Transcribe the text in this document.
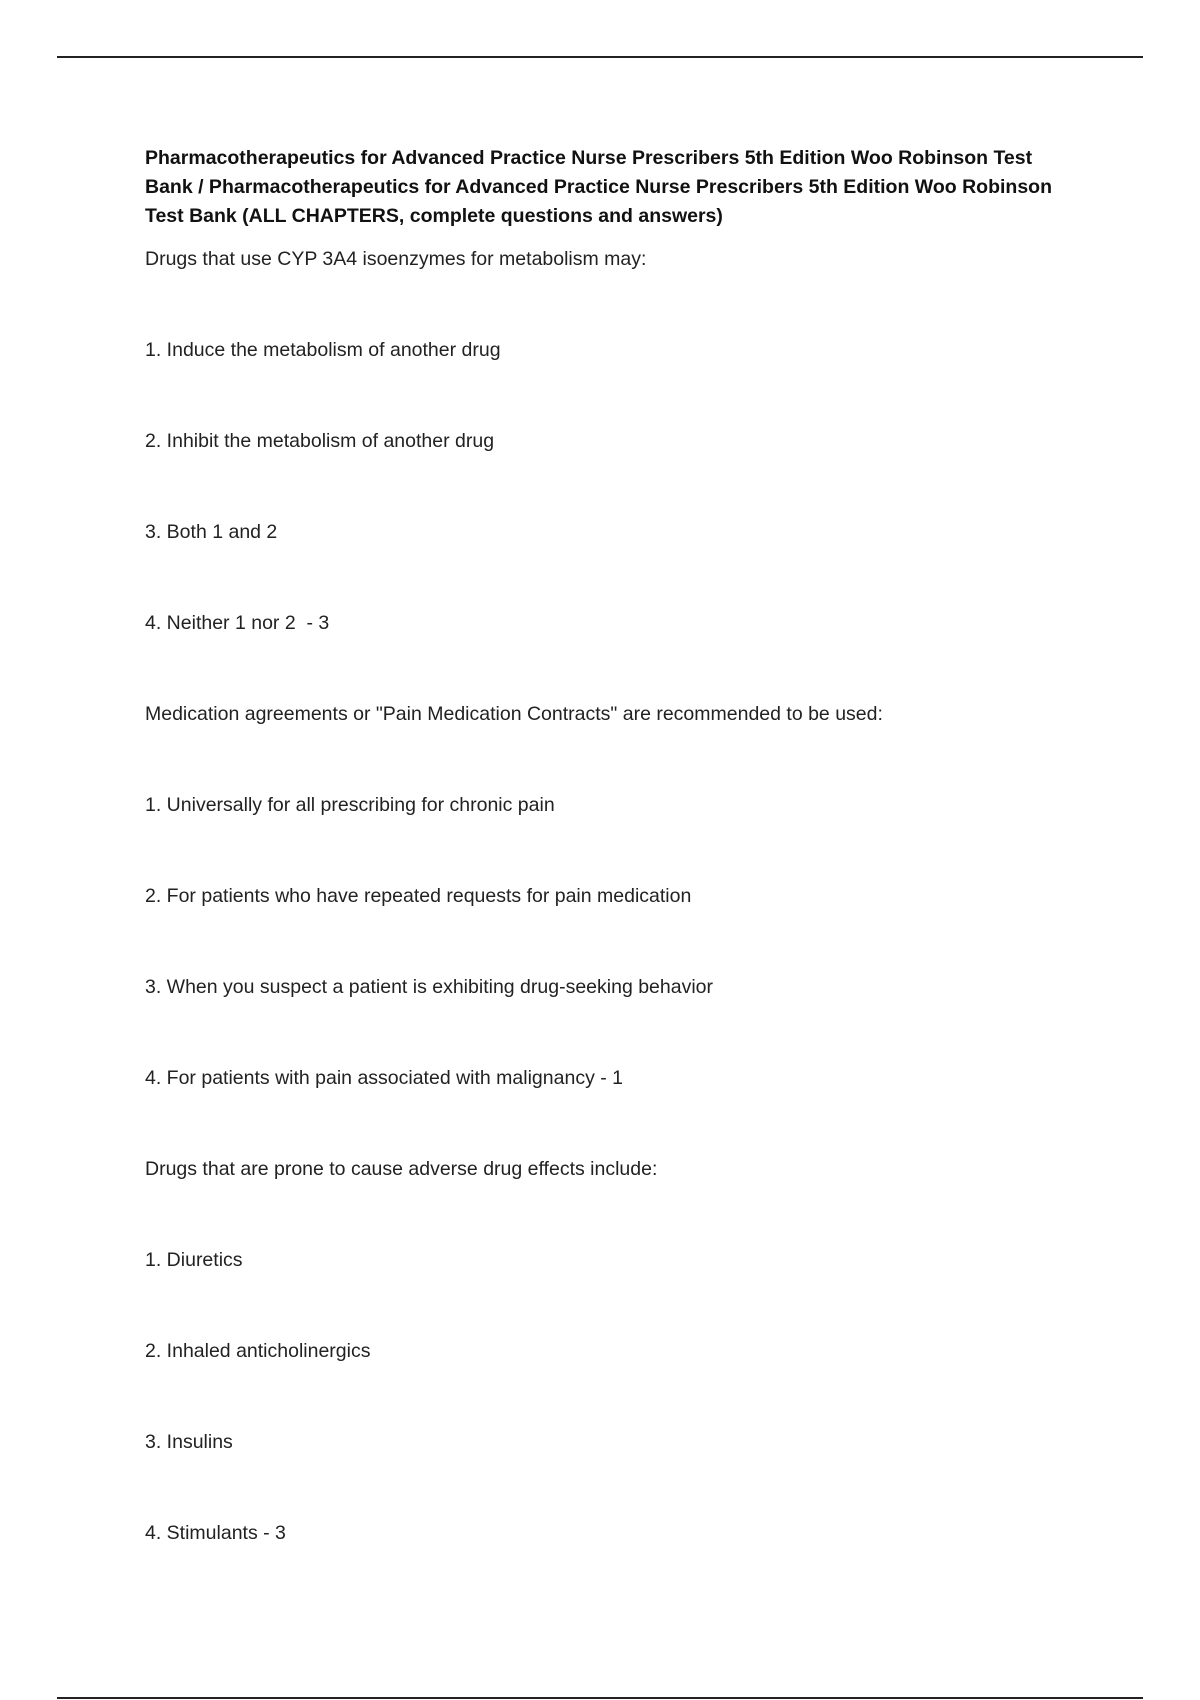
Pharmacotherapeutics for Advanced Practice Nurse Prescribers 5th Edition Woo Robinson Test Bank / Pharmacotherapeutics for Advanced Practice Nurse Prescribers 5th Edition Woo Robinson Test Bank (ALL CHAPTERS, complete questions and answers)

Drugs that use CYP 3A4 isoenzymes for metabolism may:

1. Induce the metabolism of another drug

2. Inhibit the metabolism of another drug

3. Both 1 and 2

4. Neither 1 nor 2  - 3

Medication agreements or "Pain Medication Contracts" are recommended to be used:

1. Universally for all prescribing for chronic pain

2. For patients who have repeated requests for pain medication

3. When you suspect a patient is exhibiting drug-seeking behavior

4. For patients with pain associated with malignancy - 1

Drugs that are prone to cause adverse drug effects include:

1. Diuretics

2. Inhaled anticholinergics

3. Insulins

4. Stimulants - 3
